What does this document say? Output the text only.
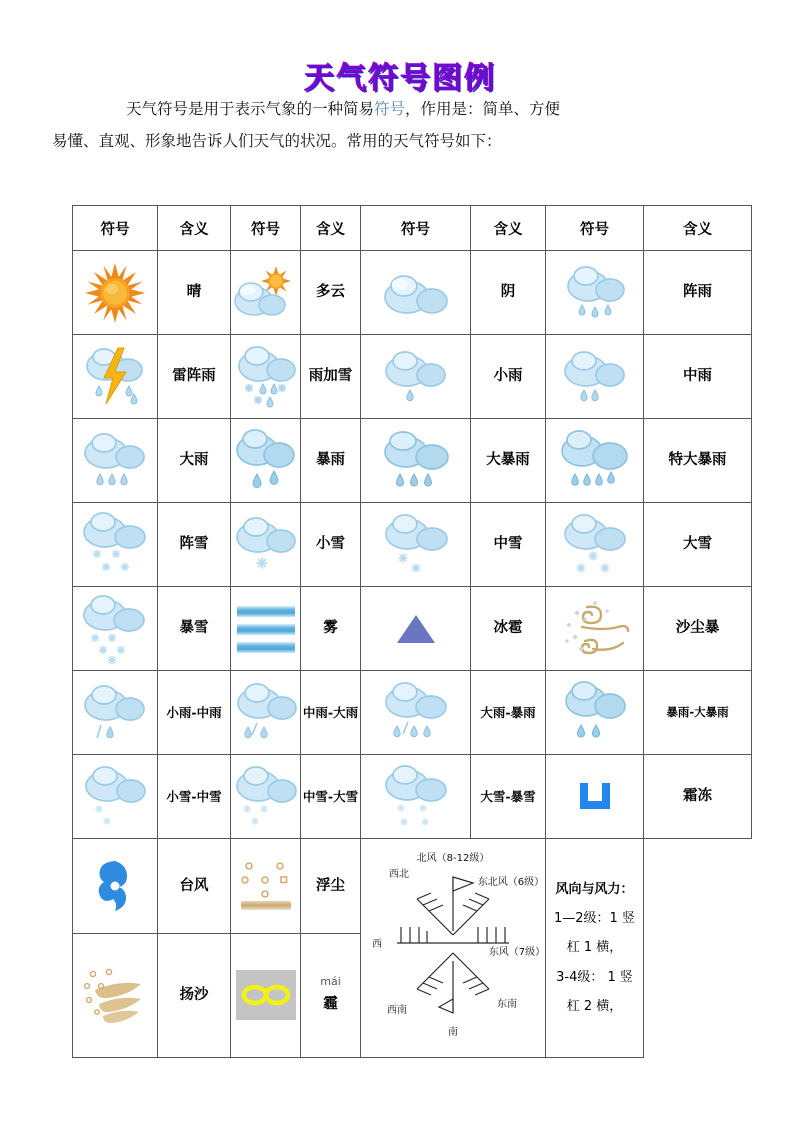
天气符号图例

天气符号是用于表示气象的一种简易符号，作用是：简单、方便
易懂、直观、形象地告诉人们天气的状况。常用的天气符号如下：

符号	含义	符号	含义	符号	含义	符号	含义

	晴		多云		阴		阵雨

	雷阵雨		雨加雪		小雨		中雨

	大雨		暴雨		大暴雨		特大暴雨

	阵雪		小雪		中雪		大雪

	暴雪		雾		冰雹		沙尘暴

	小雨-中雨		中雨-大雨		大雨-暴雨		暴雨-大暴雨

	小雪-中雪		中雪-大雪		大雪-暴雪		霜冻

	台风		浮尘	
北风（8-12级）
西北
东北风（6级）
西
东风（7级）
西南
东南
南

风向与风力：
1—2级：1 竖
杠 1 横，
3-4级： 1 竖
杠 2 横，

	扬沙		mái
霾				
